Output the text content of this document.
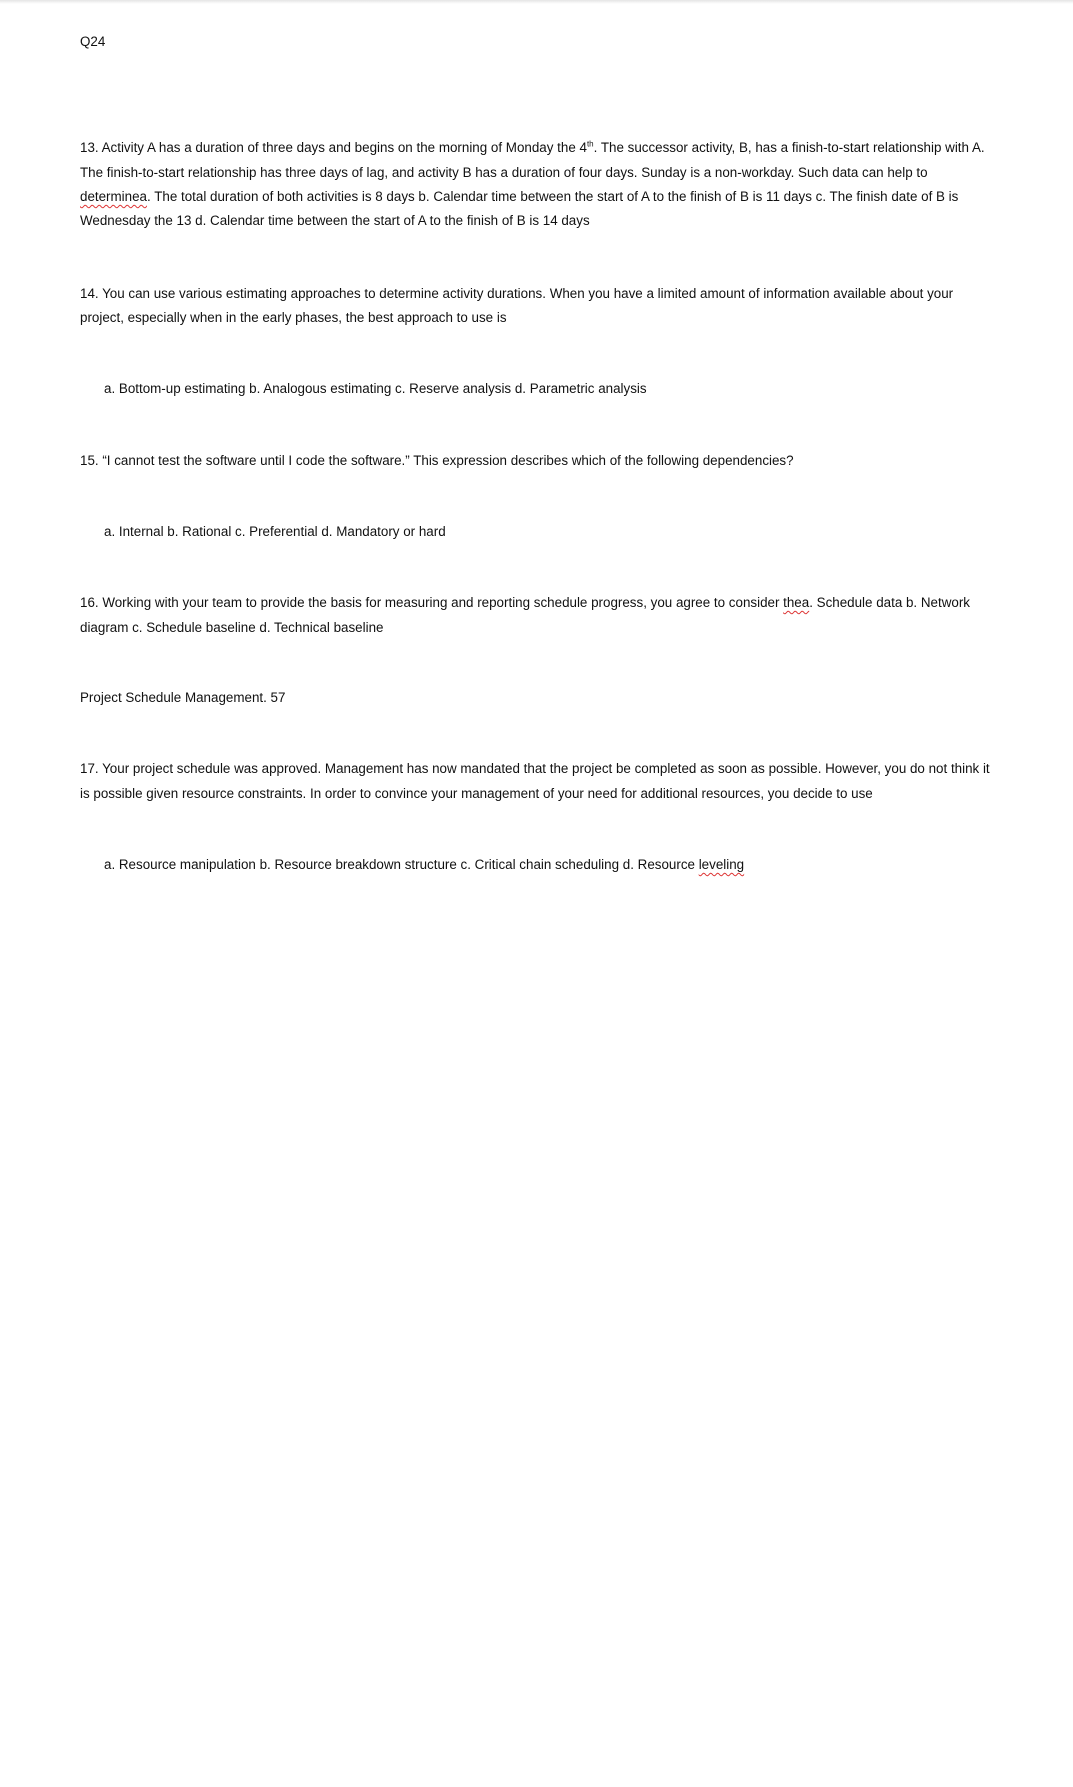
Q24
13. Activity A has a duration of three days and begins on the morning of Monday the 4th. The successor activity, B, has a finish-to-start relationship with A.
The finish-to-start relationship has three days of lag, and activity B has a duration of four days. Sunday is a non-workday. Such data can help to
determinea. The total duration of both activities is 8 days b. Calendar time between the start of A to the finish of B is 11 days c. The finish date of B is
Wednesday the 13 d. Calendar time between the start of A to the finish of B is 14 days
14. You can use various estimating approaches to determine activity durations. When you have a limited amount of information available about your
project, especially when in the early phases, the best approach to use is
a. Bottom-up estimating b. Analogous estimating c. Reserve analysis d. Parametric analysis
15. “I cannot test the software until I code the software.” This expression describes which of the following dependencies?
a. Internal b. Rational c. Preferential d. Mandatory or hard
16. Working with your team to provide the basis for measuring and reporting schedule progress, you agree to consider thea. Schedule data b. Network
diagram c. Schedule baseline d. Technical baseline
Project Schedule Management. 57
17. Your project schedule was approved. Management has now mandated that the project be completed as soon as possible. However, you do not think it
is possible given resource constraints. In order to convince your management of your need for additional resources, you decide to use
a. Resource manipulation b. Resource breakdown structure c. Critical chain scheduling d. Resource leveling
